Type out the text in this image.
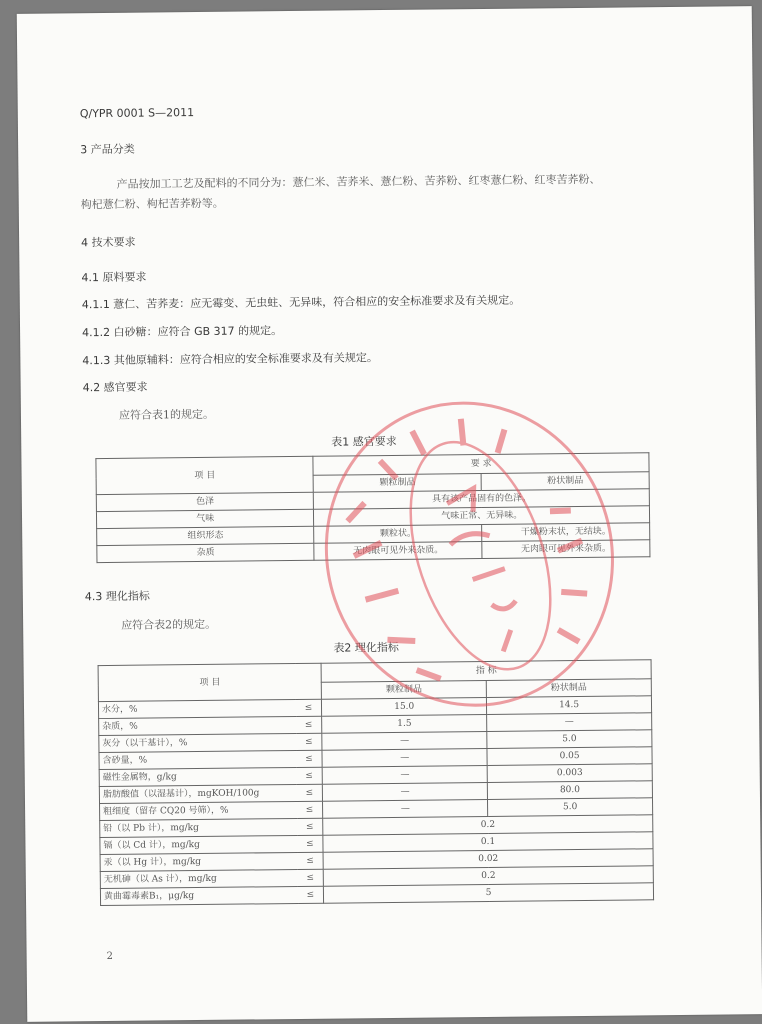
Q/YPR 0001 S—2011
3 产品分类
产品按加工工艺及配料的不同分为：薏仁米、苦荞米、薏仁粉、苦荞粉、红枣薏仁粉、红枣苦荞粉、
枸杞薏仁粉、枸杞苦荞粉等。
4 技术要求
4.1 原料要求
4.1.1 薏仁、苦荞麦：应无霉变、无虫蛀、无异味，符合相应的安全标准要求及有关规定。
4.1.2 白砂糖：应符合 GB 317 的规定。
4.1.3 其他原辅料：应符合相应的安全标准要求及有关规定。
4.2 感官要求
应符合表1的规定。
表1 感官要求
项 目	要 求	
	颗粒制品	粉状制品
色泽	具有该产品固有的色泽。	
气味	气味正常、无异味。	
组织形态	颗粒状。	干燥粉末状，无结块。
杂质	无肉眼可见外来杂质。	无肉眼可见外来杂质。
4.3 理化指标
应符合表2的规定。
表2 理化指标
项 目		指 标	
		颗粒制品	粉状制品
水分，%	≤	15.0	14.5
杂质，%	≤	1.5	—
灰分（以干基计），%	≤	—	5.0
含砂量，%	≤	—	0.05
磁性金属物，g/kg	≤	—	0.003
脂肪酸值（以湿基计），mgKOH/100g	≤	—	80.0
粗细度（留存 CQ20 号筛），%	≤	—	5.0
铅（以 Pb 计），mg/kg	≤	0.2	
镉（以 Cd 计），mg/kg	≤	0.1	
汞（以 Hg 计），mg/kg	≤	0.02	
无机砷（以 As 计），mg/kg	≤	0.2	
黄曲霉毒素B₁，μg/kg	≤	5	
2
